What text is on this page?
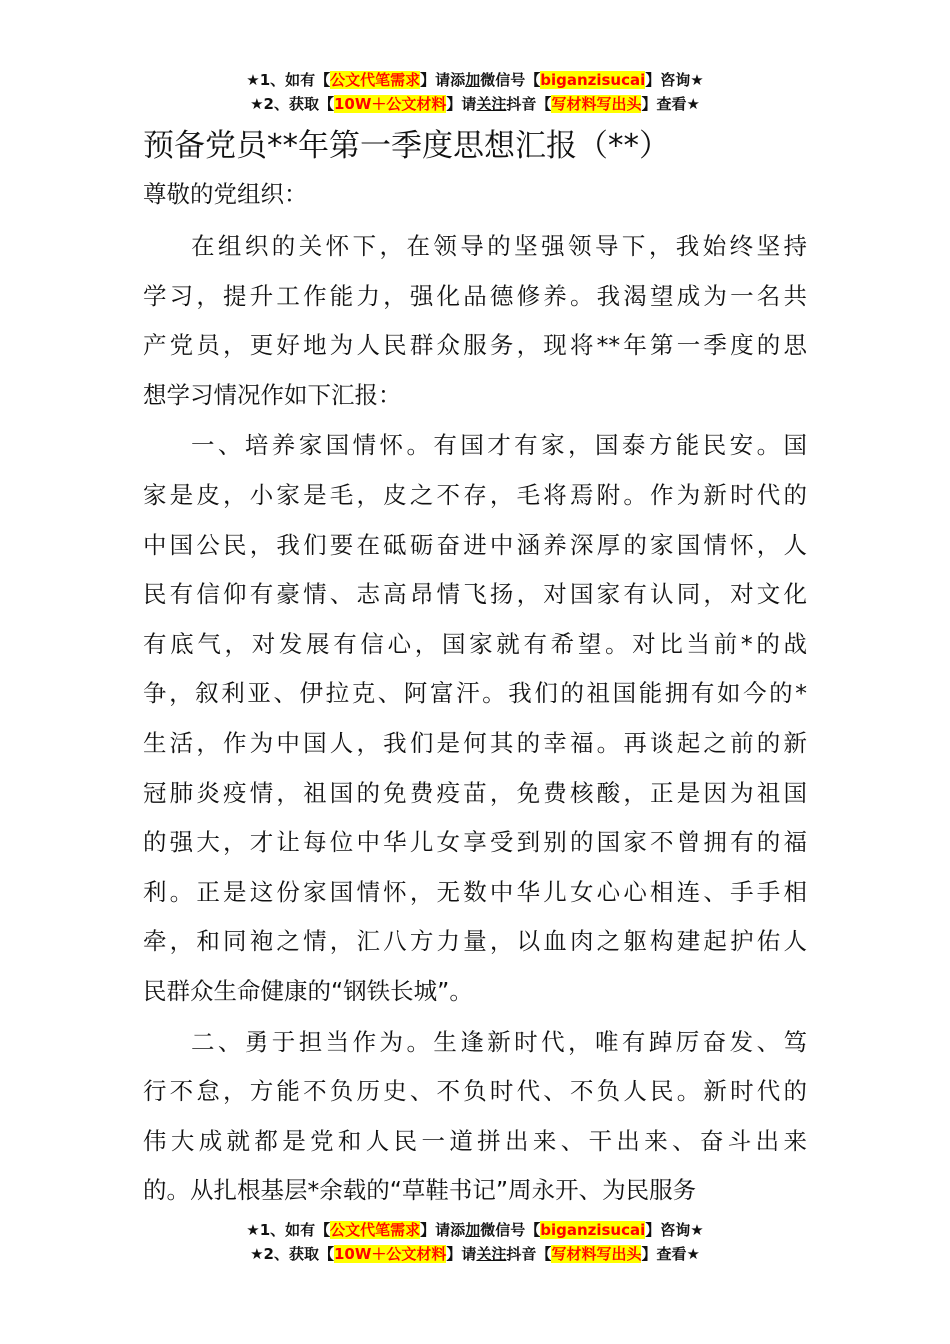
★1、如有【公文代笔需求】请添加微信号【biganzisucai】咨询★
★2、获取【10W＋公文材料】请关注抖音【写材料写出头】查看★
预备党员**年第一季度思想汇报（**）

尊敬的党组织：

在组织的关怀下，在领导的坚强领导下，我始终坚持
学习，提升工作能力，强化品德修养。我渴望成为一名共
产党员，更好地为人民群众服务，现将**年第一季度的思
想学习情况作如下汇报：

一、培养家国情怀。有国才有家，国泰方能民安。国
家是皮，小家是毛，皮之不存，毛将焉附。作为新时代的
中国公民，我们要在砥砺奋进中涵养深厚的家国情怀，人
民有信仰有豪情、志高昂情飞扬，对国家有认同，对文化
有底气，对发展有信心，国家就有希望。对比当前*的战
争，叙利亚、伊拉克、阿富汗。我们的祖国能拥有如今的*
生活，作为中国人，我们是何其的幸福。再谈起之前的新
冠肺炎疫情，祖国的免费疫苗，免费核酸，正是因为祖国
的强大，才让每位中华儿女享受到别的国家不曾拥有的福
利。正是这份家国情怀，无数中华儿女心心相连、手手相
牵，和同袍之情，汇八方力量，以血肉之躯构建起护佑人
民群众生命健康的“钢铁长城”。

二、勇于担当作为。生逢新时代，唯有踔厉奋发、笃
行不怠，方能不负历史、不负时代、不负人民。新时代的
伟大成就都是党和人民一道拼出来、干出来、奋斗出来
的。从扎根基层*余载的“草鞋书记”周永开、为民服务

★1、如有【公文代笔需求】请添加微信号【biganzisucai】咨询★
★2、获取【10W＋公文材料】请关注抖音【写材料写出头】查看★
